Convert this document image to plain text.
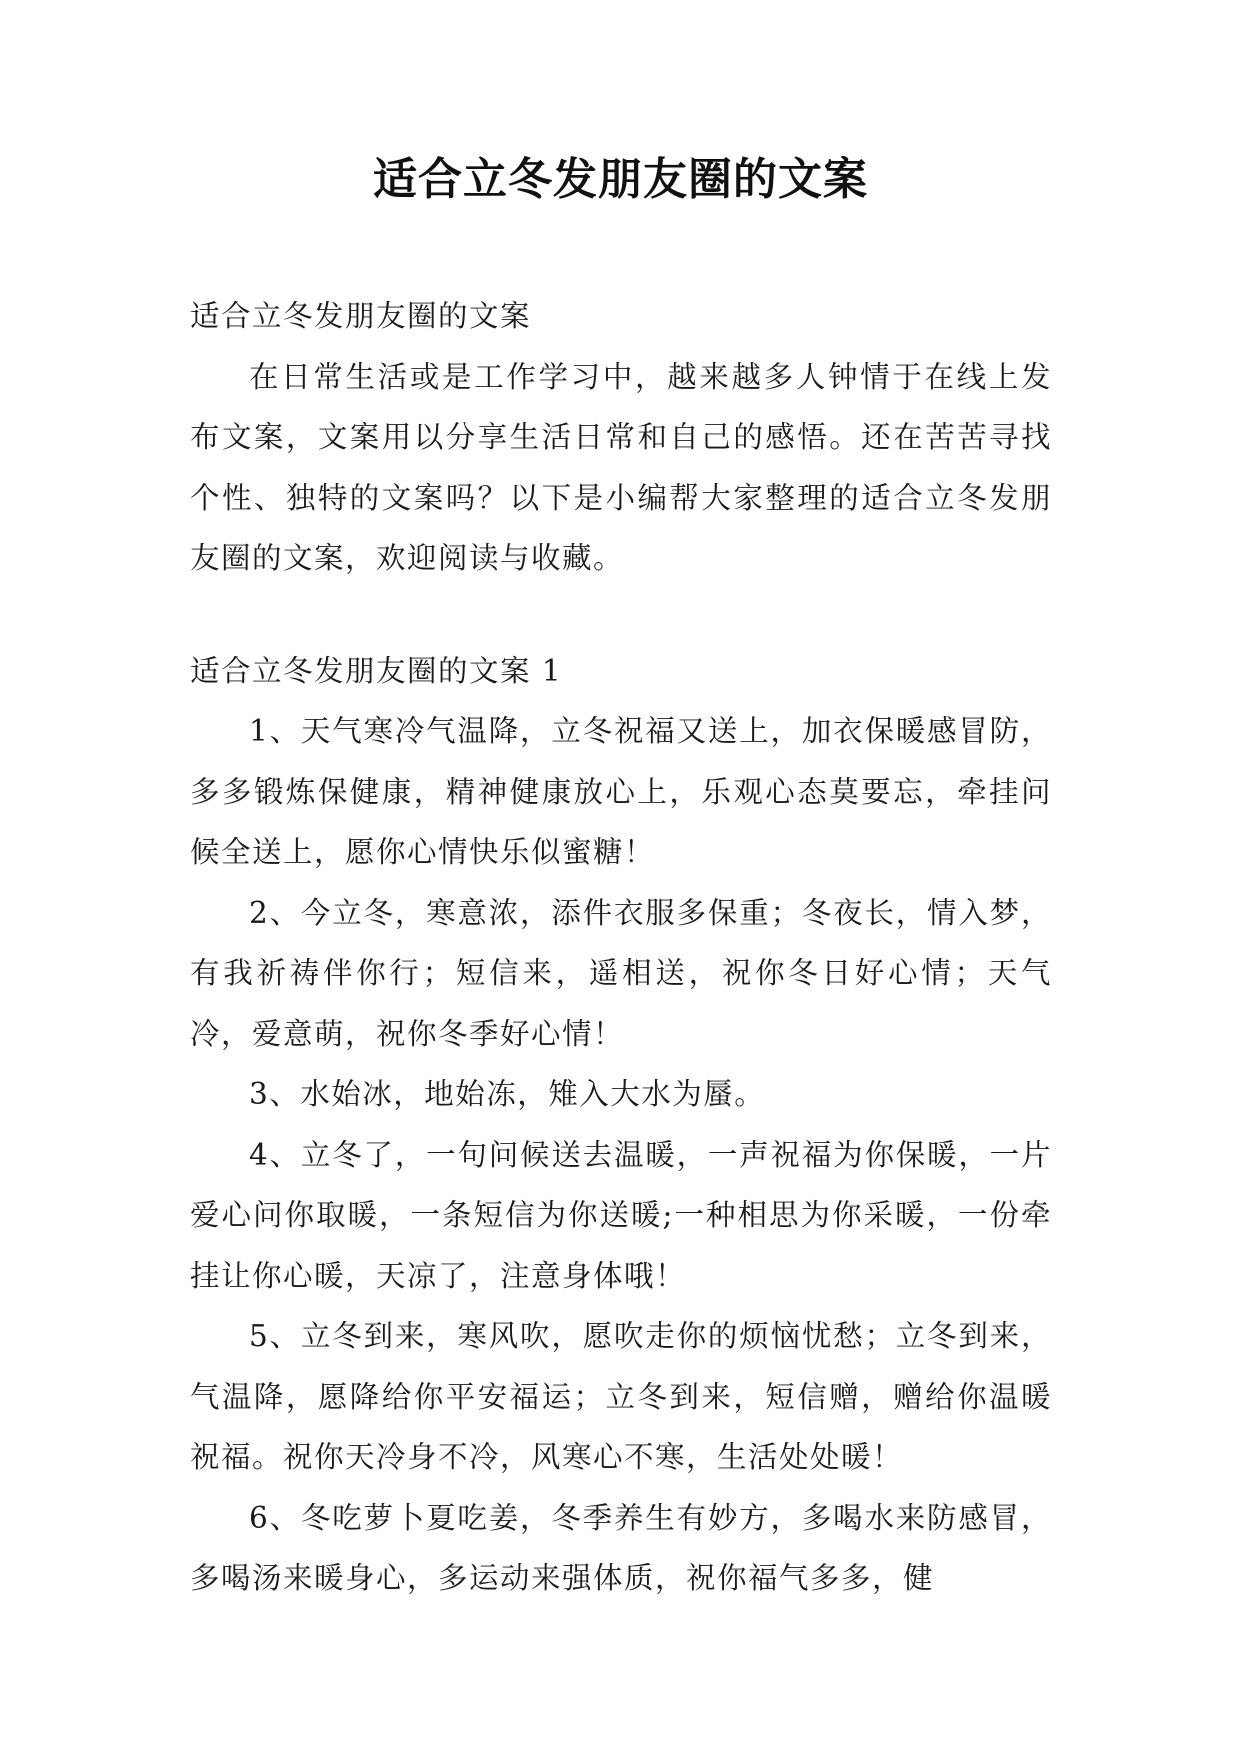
适合立冬发朋友圈的文案

适合立冬发朋友圈的文案

在日常生活或是工作学习中，越来越多人钟情于在线上发布文案，文案用以分享生活日常和自己的感悟。还在苦苦寻找个性、独特的文案吗？以下是小编帮大家整理的适合立冬发朋友圈的文案，欢迎阅读与收藏。

适合立冬发朋友圈的文案 1

1、天气寒冷气温降，立冬祝福又送上，加衣保暖感冒防，多多锻炼保健康，精神健康放心上，乐观心态莫要忘，牵挂问候全送上，愿你心情快乐似蜜糖！

2、今立冬，寒意浓，添件衣服多保重；冬夜长，情入梦，有我祈祷伴你行；短信来，遥相送，祝你冬日好心情；天气冷，爱意萌，祝你冬季好心情！

3、水始冰，地始冻，雉入大水为蜃。

4、立冬了，一句问候送去温暖，一声祝福为你保暖，一片爱心问你取暖，一条短信为你送暖;一种相思为你采暖，一份牵挂让你心暖，天凉了，注意身体哦！

5、立冬到来，寒风吹，愿吹走你的烦恼忧愁；立冬到来，气温降，愿降给你平安福运；立冬到来，短信赠，赠给你温暖祝福。祝你天冷身不冷，风寒心不寒，生活处处暖！

6、冬吃萝卜夏吃姜，冬季养生有妙方，多喝水来防感冒，多喝汤来暖身心，多运动来强体质，祝你福气多多，健
